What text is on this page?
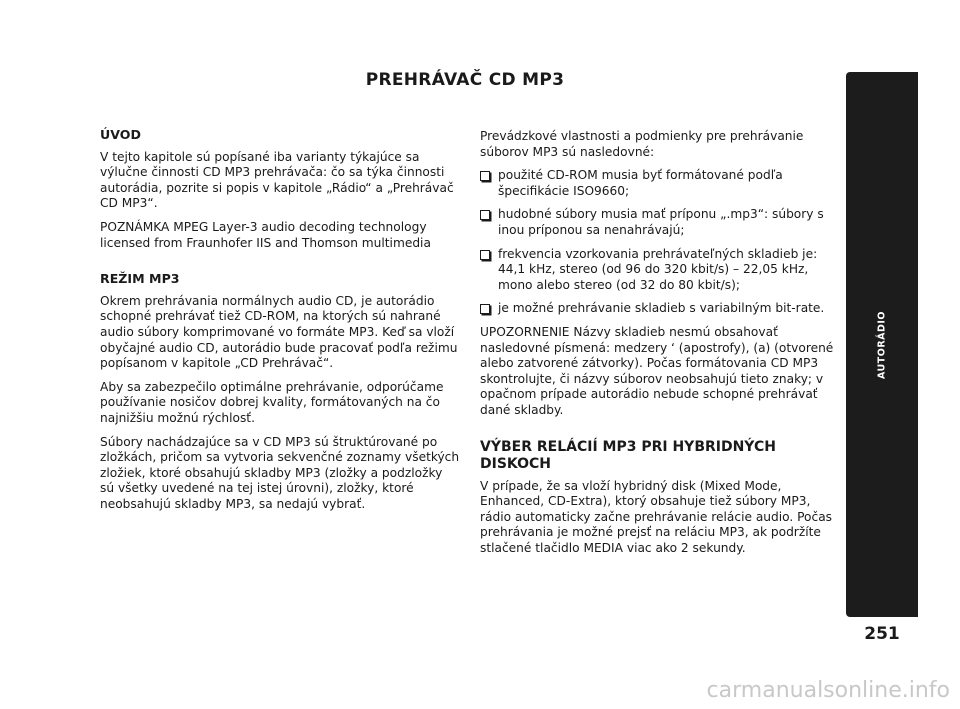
PREHRÁVAČ CD MP3
ÚVOD

V tejto kapitole sú popísané iba varianty týkajúce sa výlučne činnosti CD MP3 prehrávača: čo sa týka činnosti autorádia, pozrite si popis v kapitole „Rádio“ a „Prehrávač CD MP3“.

POZNÁMKA MPEG Layer-3 audio decoding technology licensed from Fraunhofer IIS and Thomson multimedia

REŽIM MP3

Okrem prehrávania normálnych audio CD, je autorádio schopné prehrávať tiež CD-ROM, na ktorých sú nahrané audio súbory komprimované vo formáte MP3. Keď sa vloží obyčajné audio CD, autorádio bude pracovať podľa režimu popísanom v kapitole „CD Prehrávač“.

Aby sa zabezpečilo optimálne prehrávanie, odporúčame používanie nosičov dobrej kvality, formátovaných na čo najnižšiu možnú rýchlosť.

Súbory nachádzajúce sa v CD MP3 sú štruktúrované po zložkách, pričom sa vytvoria sekvenčné zoznamy všetkých zložiek, ktoré obsahujú skladby MP3 (zložky a podzložky sú všetky uvedené na tej istej úrovni), zložky, ktoré neobsahujú skladby MP3, sa nedajú vybrať.

Prevádzkové vlastnosti a podmienky pre prehrávanie súborov MP3 sú nasledovné:

použité CD-ROM musia byť formátované podľa špecifikácie ISO9660;
hudobné súbory musia mať príponu „.mp3“: súbory s inou príponou sa nenahrávajú;
frekvencia vzorkovania prehrávateľných skladieb je: 44,1 kHz, stereo (od 96 do 320 kbit/s) – 22,05 kHz, mono alebo stereo (od 32 do 80 kbit/s);
je možné prehrávanie skladieb s variabilným bit-rate.

UPOZORNENIE Názvy skladieb nesmú obsahovať nasledovné písmená: medzery ‘ (apostrofy), (a) (otvorené alebo zatvorené zátvorky). Počas formátovania CD MP3 skontrolujte, či názvy súborov neobsahujú tieto znaky; v opačnom prípade autorádio nebude schopné prehrávať dané skladby.

VÝBER RELÁCIÍ MP3 PRI HYBRIDNÝCH DISKOCH

V prípade, že sa vloží hybridný disk (Mixed Mode, Enhanced, CD-Extra), ktorý obsahuje tiež súbory MP3, rádio automaticky začne prehrávanie relácie audio. Počas prehrávania je možné prejsť na reláciu MP3, ak podržíte stlačené tlačidlo MEDIA viac ako 2 sekundy.

AUTORÁDIO
251
carmanualsonline.info
